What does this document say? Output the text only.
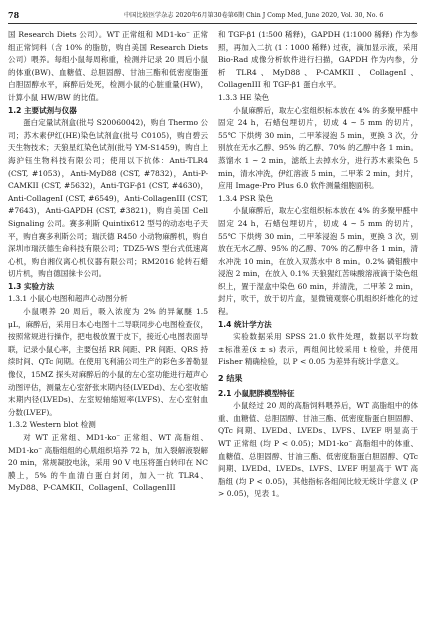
78	中国比较医学杂志 2020年6月第30卷第6期 Chin J Comp Med, June 2020, Vol. 30, No. 6

国 Research Diets 公司）。WT 正常组和 MD1-ko⁻ 正常组正常饲料（含 10% 的脂肪，购自美国 Research Diets 公司）喂养。每组小鼠每周称重，检测并记录 20 周后小鼠的体重(BW)、血糖值、总胆固醇、甘油三酯和低密度脂蛋白胆固醇水平，麻醉后处死，检测小鼠的心脏重量(HW)，计算小鼠 HW/BW 的比值。

1.2 主要试剂与仪器

蛋白定量试剂盒(批号 S20060042)，购自 Thermo 公司；苏木素伊红(HE)染色试剂盒(批号 C0105)，购自碧云天生物技术；天狼星红染色试剂(批号 YM-S1459)，购自上海沪钰生物科技有限公司；使用以下抗体：Anti-TLR4 (CST, #1053)，Anti-MyD88 (CST, #7832)，Anti-P-CAMKII (CST, #5632)，Anti-TGF-β1 (CST, #4630)，Anti-CollagenI (CST, #6549)，Anti-CollagenIII (CST, #7643)，Anti-GAPDH (CST, #3821)，购自美国 Cell Signaling 公司。赛多利斯 Quintix612 型号的动态电子天平，购自赛多利斯公司；瑞沃德 R450 小动物麻醉机，购自深圳市瑞沃德生命科技有限公司；TDZ5-WS 型台式低速离心机，购自湘仪离心机仪器有限公司；RM2016 轮转石蜡切片机，购自德国徕卡公司。

1.3 实验方法

1.3.1 小鼠心电图和超声心动图分析

小鼠喂养 20 周后，吸入浓度为 2% 的异氟醚 1.5 μL，麻醉后，采用日本心电图十二导联同步心电图检查仪，按照常规进行操作，把电极放置于皮下，接近心电图表面导联，记录小鼠心率，主要包括 RR 间距、PR 间距、QRS 持续时间、QTc 间期。在使用飞利浦公司生产的彩色多普勒显像仪，15MZ 探头对麻醉后的小鼠的左心室功能进行超声心动图评估，测量左心室舒张末期内径(LVEDd)、左心室收缩末期内径(LVEDs)、左室短轴缩短率(LVFS)、左心室射血分数(LVEF)。

1.3.2 Western blot 检测

对 WT 正常组、MD1-ko⁻ 正常组、WT 高脂组、MD1-ko⁻ 高脂组组的心肌组织培养 72 h，加入裂解液裂解 20 min，常规凝胶电泳，采用 90 V 电压将蛋白转印在 NC 膜上，5% 的牛血清白蛋白封闭，加入一抗 TLR4、MyD88、P-CAMKII、CollagenI、CollagenIII

和 TGF-β1 (1∶500 稀释)，GAPDH (1∶1000 稀释) 作为参照，再加入二抗 (1∶1000 稀释) 过夜，滴加显示液，采用 Bio-Rad 成像分析软件进行扫描，GAPDH 作为内参，分析 TLR4、MyD88、P-CAMKII、CollagenI、CollagenIII 和 TGF-β1 蛋白水平。

1.3.3 HE 染色

小鼠麻醉后，取左心室组织标本放在 4% 的多聚甲醛中固定 24 h，石蜡包埋切片，切成 4 ~ 5 mm 的切片，55℃ 下烘烤 30 min，二甲苯浸泡 5 min，更换 3 次，分别放在无水乙醇、95% 的乙醇、70% 的乙醇中各 1 min。蒸馏水 1 ~ 2 min，滤纸上去掉水分，进行苏木素染色 5 min，清水冲洗，伊红溶液 5 min，二甲苯 2 min，封片，应用 Image-Pro Plus 6.0 软件测量细胞面积。

1.3.4 PSR 染色

小鼠麻醉后，取左心室组织标本放在 4% 的多聚甲醛中固定 24 h，石蜡包埋切片，切成 4 ~ 5 mm 的切片，55℃ 下烘烤 30 min，二甲苯浸泡 5 min，更换 3 次，别放在无水乙醇、95% 的乙醇、70% 的乙醇中各 1 min，清水冲洗 10 min，在放入双蒸水中 8 min。0.2% 磷钼酸中浸泡 2 min，在放入 0.1% 天狼猩红苦味酸溶液滴于染色组织上，置于湿盒中染色 60 min，并清洗，二甲苯 2 min，封片，吹干，放于切片盒，显微镜观察心肌组织纤维化的过程。

1.4 统计学方法

实验数据采用 SPSS 21.0 软件处理，数据以平均数±标准差(x̄ ± s) 表示，两组间比较采用 t 检验，并使用 Fisher 精确检验，以 P < 0.05 为差异有统计学意义。

2 结果

2.1 小鼠肥胖模型特征

小鼠经过 20 周的高脂饲料喂养后，WT 高脂组中的体重、血糖值、总胆固醇、甘油三酯、低密度脂蛋白胆固醇、QTc 间期、LVEDd、LVEDs、LVFS、LVEF 明显高于 WT 正常组 (均 P < 0.05)；MD1-ko⁻ 高脂组中的体重、血糖值、总胆固醇、甘油三酯、低密度脂蛋白胆固醇、QTc 间期、LVEDd、LVEDs、LVFS、LVEF 明显高于 WT 高脂组 (均 P < 0.05)，其他指标各组间比较无统计学意义 (P > 0.05)，见表 1。
